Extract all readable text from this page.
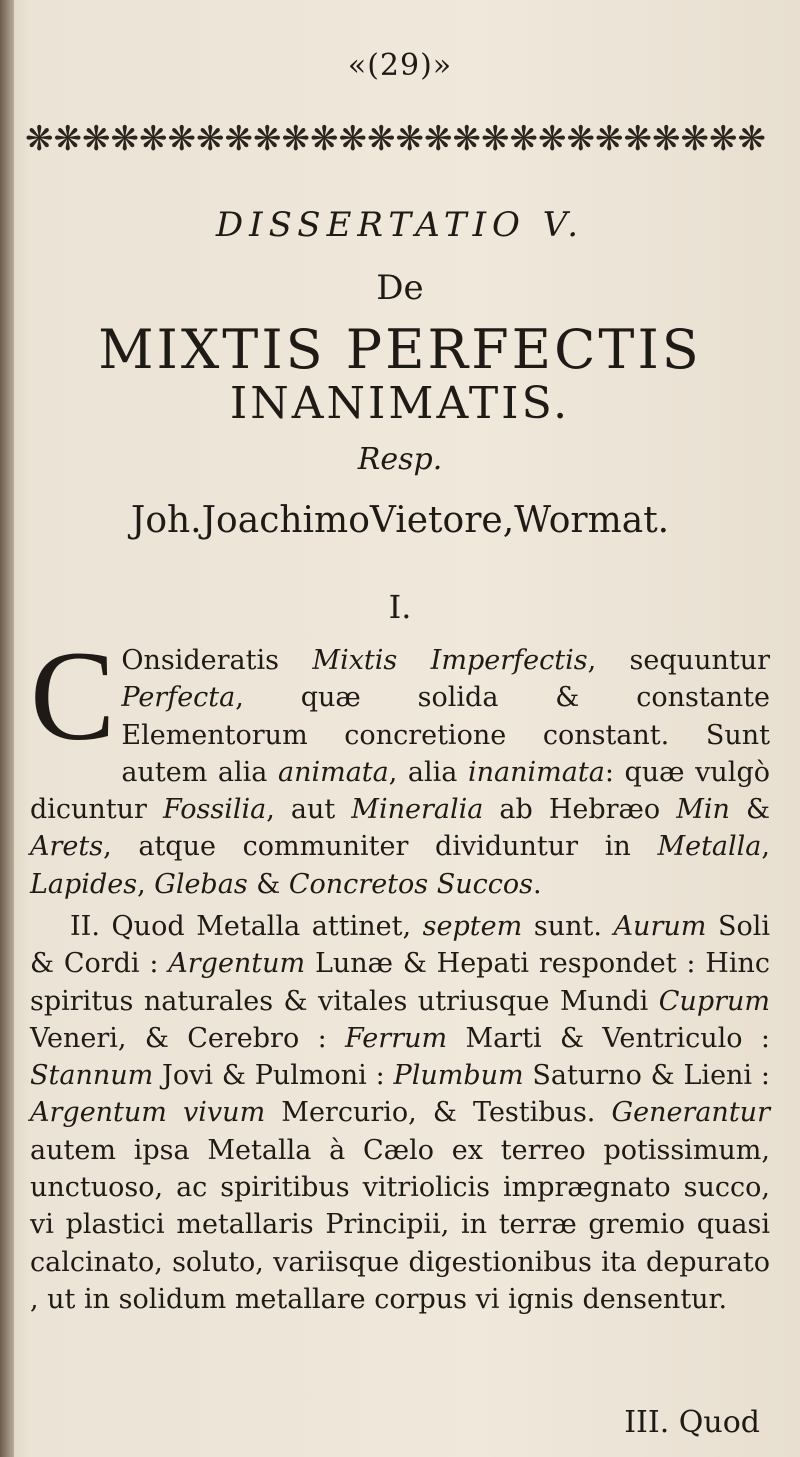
«(29)»
❋ ❋ ❋ ❋ ❋ ❋ ❋ ❋ ❋ ❋ ❋ ❋ ❋ ❋ ❋ ❋ ❋ ❋ ❋ ❋ ❋ ❋ ❋ ❋ ❋ ❋
DISSERTATIO V.
De
MIXTIS PERFECTIS
INANIMATIS.
Resp.
Joh.JoachimoVietore,Wormat.
I.

C Onsideratis Mixtis Imperfectis, sequuntur Perfecta, quæ solida & constante Elementorum concretione constant. Sunt autem alia animata, alia inanimata: quæ vulgò dicuntur Fossilia, aut Mineralia ab Hebræo Min & Arets, atque communiter dividuntur in Metalla, Lapides, Glebas & Concretos Succos.

II. Quod Metalla attinet, septem sunt. Aurum Soli & Cordi : Argentum Lunæ & Hepati respondet : Hinc spiritus naturales & vitales utriusque Mundi Cuprum Veneri, & Cerebro : Ferrum Marti & Ventriculo : Stannum Jovi & Pulmoni : Plumbum Saturno & Lieni : Argentum vivum Mercurio, & Testibus. Generantur autem ipsa Metalla à Cælo ex terreo potissimum, unctuoso, ac spiritibus vitriolicis imprægnato succo, vi plastici metallaris Principii, in terræ gremio quasi calcinato, soluto, variisque digestionibus ita depurato , ut in solidum metallare corpus vi ignis densentur.

III. Quod
